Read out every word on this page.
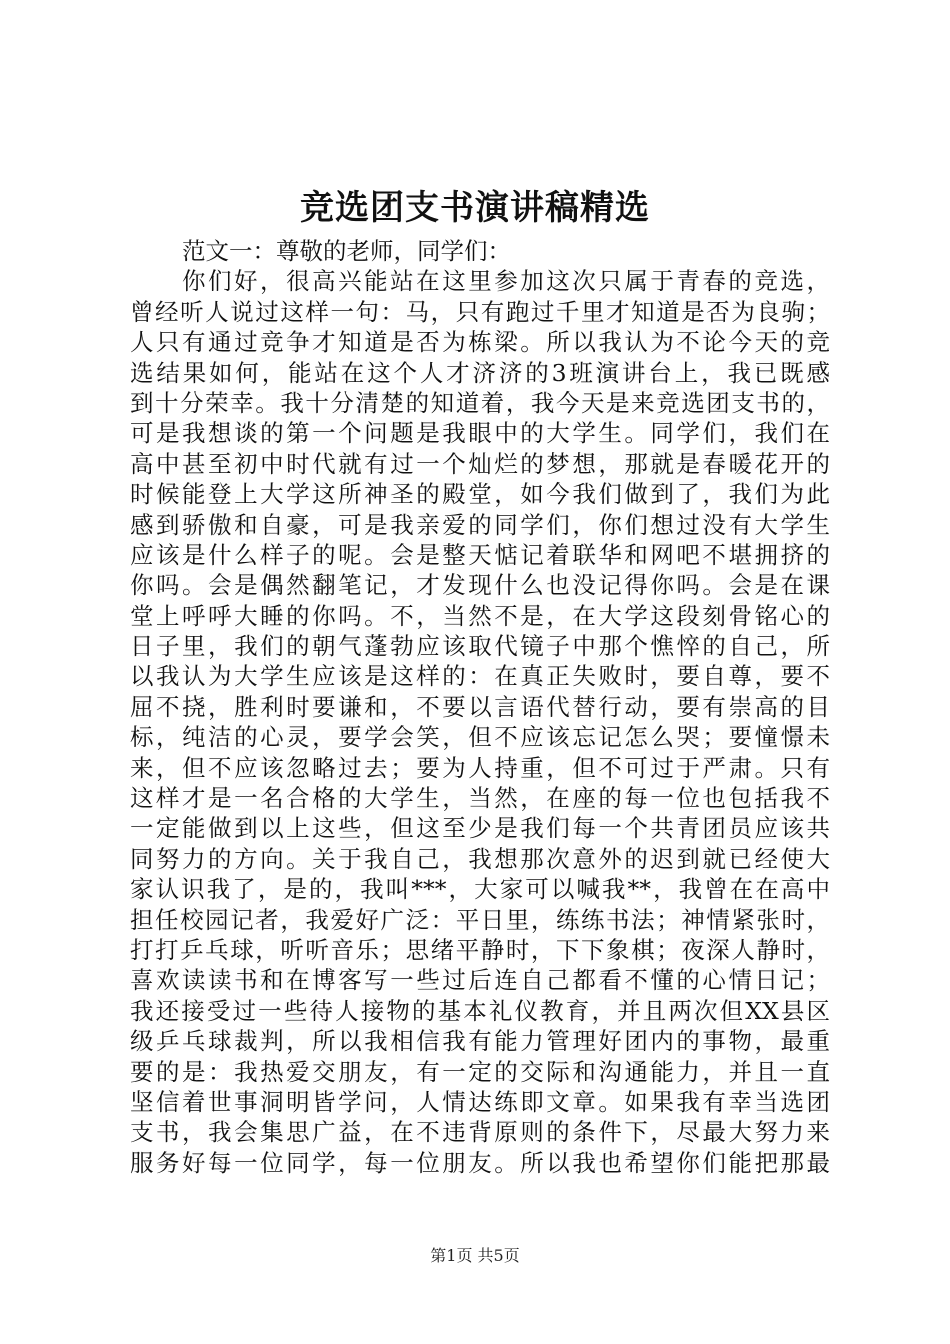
竞选团支书演讲稿精选
范文一：尊敬的老师，同学们：
你们好，很高兴能站在这里参加这次只属于青春的竞选，
曾经听人说过这样一句：马，只有跑过千里才知道是否为良驹；
人只有通过竞争才知道是否为栋梁。所以我认为不论今天的竞
选结果如何，能站在这个人才济济的3班演讲台上，我已既感
到十分荣幸。我十分清楚的知道着，我今天是来竞选团支书的，
可是我想谈的第一个问题是我眼中的大学生。同学们，我们在
高中甚至初中时代就有过一个灿烂的梦想，那就是春暖花开的
时候能登上大学这所神圣的殿堂，如今我们做到了，我们为此
感到骄傲和自豪，可是我亲爱的同学们，你们想过没有大学生
应该是什么样子的呢。会是整天惦记着联华和网吧不堪拥挤的
你吗。会是偶然翻笔记，才发现什么也没记得你吗。会是在课
堂上呼呼大睡的你吗。不，当然不是，在大学这段刻骨铭心的
日子里，我们的朝气蓬勃应该取代镜子中那个憔悴的自己，所
以我认为大学生应该是这样的：在真正失败时，要自尊，要不
屈不挠，胜利时要谦和，不要以言语代替行动，要有崇高的目
标，纯洁的心灵，要学会笑，但不应该忘记怎么哭；要憧憬未
来，但不应该忽略过去；要为人持重，但不可过于严肃。只有
这样才是一名合格的大学生，当然，在座的每一位也包括我不
一定能做到以上这些，但这至少是我们每一个共青团员应该共
同努力的方向。关于我自己，我想那次意外的迟到就已经使大
家认识我了，是的，我叫***，大家可以喊我**，我曾在在高中
担任校园记者，我爱好广泛：平日里，练练书法；神情紧张时，
打打乒乓球，听听音乐；思绪平静时，下下象棋；夜深人静时，
喜欢读读书和在博客写一些过后连自己都看不懂的心情日记；
我还接受过一些待人接物的基本礼仪教育，并且两次但XX县区
级乒乓球裁判，所以我相信我有能力管理好团内的事物，最重
要的是：我热爱交朋友，有一定的交际和沟通能力，并且一直
坚信着世事洞明皆学问，人情达练即文章。如果我有幸当选团
支书，我会集思广益，在不违背原则的条件下，尽最大努力来
服务好每一位同学，每一位朋友。所以我也希望你们能把那最
第1页 共5页
